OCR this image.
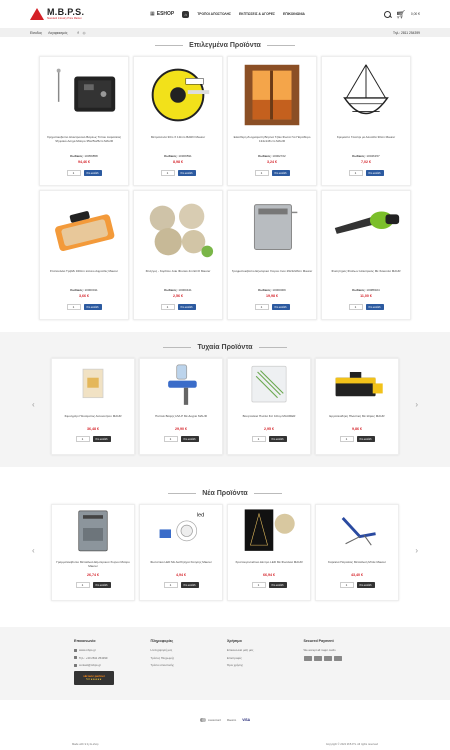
M.B.P.S.
Standard Industry Price Market
▦ ESHOP	⌂	ΤΡΟΠΟΙ ΑΠΟΣΤΟΛΗΣ ΕΚΠΤΩΣΕΙΣ & ΑΓΟΡΕΣ ΕΠΙΚΟΙΝΩΝΙΑ	🛒︎ 0,00 €
Είσοδος Λογαριασμός	f ◎	Τηλ.: 2811 254399
Επιλεγμένα Προϊόντα
Χρηματοκιβώτιο Ηλεκτρονικό Βαρέως Τύπου Ασφαλείας Ψηφιακό Ασημί-Μαύρο 35x25x25cm MAUR
Κωδικός: 10059858
94,46 €
1	Στο καλάθι
Μετροταινία 30m Χ 13mm BARO Maurer
Κωδικός: 10309591
8,98 €
1	Στο καλάθι
Ελεύθερη Ζωγραφιστή Βιτρίνα Τζάκι Φωτιά Για Παράθυρο 134x148 cm MAUR
Κωδικός: 10002722
3,24 €
1	Στο καλάθι
Κρεμαστό Γλαστρι με Αλυσίδα 30cm Maurer
Κωδικός: 10046157
7,02 €
1	Στο καλάθι
Σπατουλάκι Τριβίδι 320cm Ξύλινο Αφρώδες Maurer
Κωδικός: 10000011
3,66 €
1	Στο καλάθι
Σπάγγος - Κορδόνι Jute Φυσικό 4m ECO Maurer
Κωδικός: 10000441
2,56 €
1	Στο καλάθι
Γραμματοκιβώτιο Εξωτερικό Χώρου Inox 29x32x8cm Maurer
Κωδικός: 10000009
19,98 €
1	Στο καλάθι
Φυσητήρας Φύλλων Ηλεκτρικός Με Σακούλα MAUR
Κωδικός: 10088324
11,00 €
1	Στο καλάθι
Τυχαία Προϊόντα
‹
Σφουγγάρι Πλυσίματος Αυτοκινήτου MAUR
36,48 €
1	Στο καλάθι
Πιστόλι Βαφής HVLP Με Δοχείο MAUR
29,90 €
1	Στο καλάθι
Βουρτσάκια Πινέλα Σετ 10τεμ MAURER
2,95 €
1	Στο καλάθι
Εργαλειοθήκη Πλαστική Με Θήκες MAUR
9,86 €
1	Στο καλάθι
›
Νέα Προϊόντα
‹
Γραμματοκιβώτιο Μεταλλικό Εξωτερικού Χώρου Μαύρο Maurer
26,74 €
1	Στο καλάθι
led
Φωτιστικό LED Με Αισθητήρα Κίνησης Maurer
4,94 €
1	Στο καλάθι
Χριστουγεννιάτικο Δέντρο LED Με Φωτάκια MAUR
66,94 €
1	Στο καλάθι
Καρέκλα Παραλίας Μεταλλική Μπλε Maurer
43,40 €
1	Στο καλάθι
›
Επικοινωνία
www.mbps.gr
Τηλ.: +30 2811 254399
contact@mbps.gr
skroutz partner
5.0 ★★★★★
Πληροφορίες
Η επιχείρησή μας
Τρόπος Πληρωμής
Τρόποι αποστολής
Χρήσιμα
Επικοινωνία μαζί μας
Επιστροφές
Όροι χρήσης
Secured Payment
We accept all major cards
mastercard Maestro VISA
Made with ♥ by E-shop	Copyright © 2022 M.B.P.S. All rights reserved
